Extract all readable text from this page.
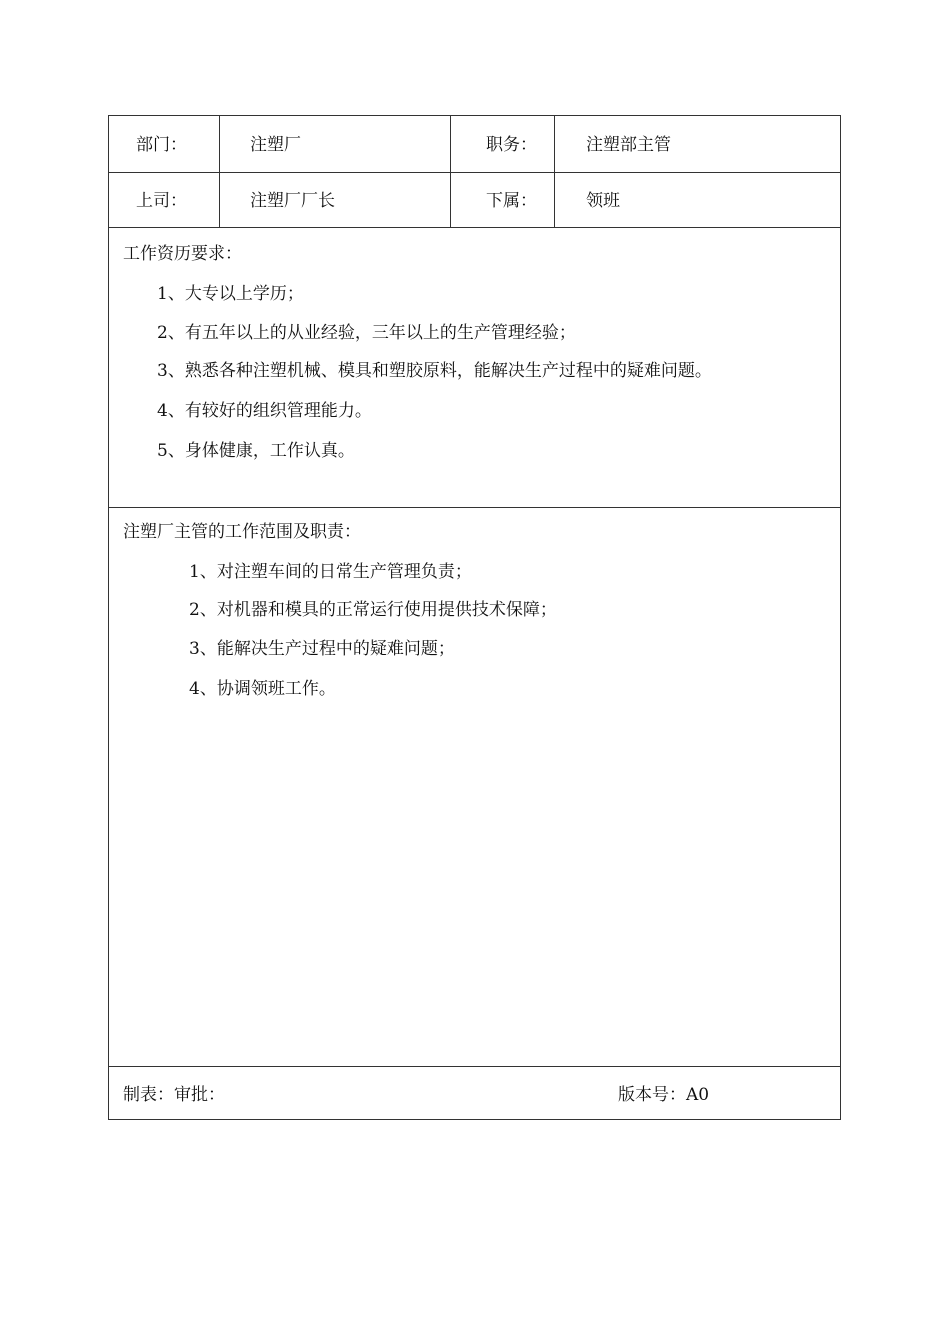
部门：	注塑厂	职务：	注塑部主管
上司：	注塑厂厂长	下属：	领班
工作资历要求：
1、大专以上学历；
2、有五年以上的从业经验，三年以上的生产管理经验；
3、熟悉各种注塑机械、模具和塑胶原料，能解决生产过程中的疑难问题。
4、有较好的组织管理能力。
5、身体健康，工作认真。
注塑厂主管的工作范围及职责：
1、对注塑车间的日常生产管理负责；
2、对机器和模具的正常运行使用提供技术保障；
3、能解决生产过程中的疑难问题；
4、协调领班工作。
制表：审批：	版本号：A0
